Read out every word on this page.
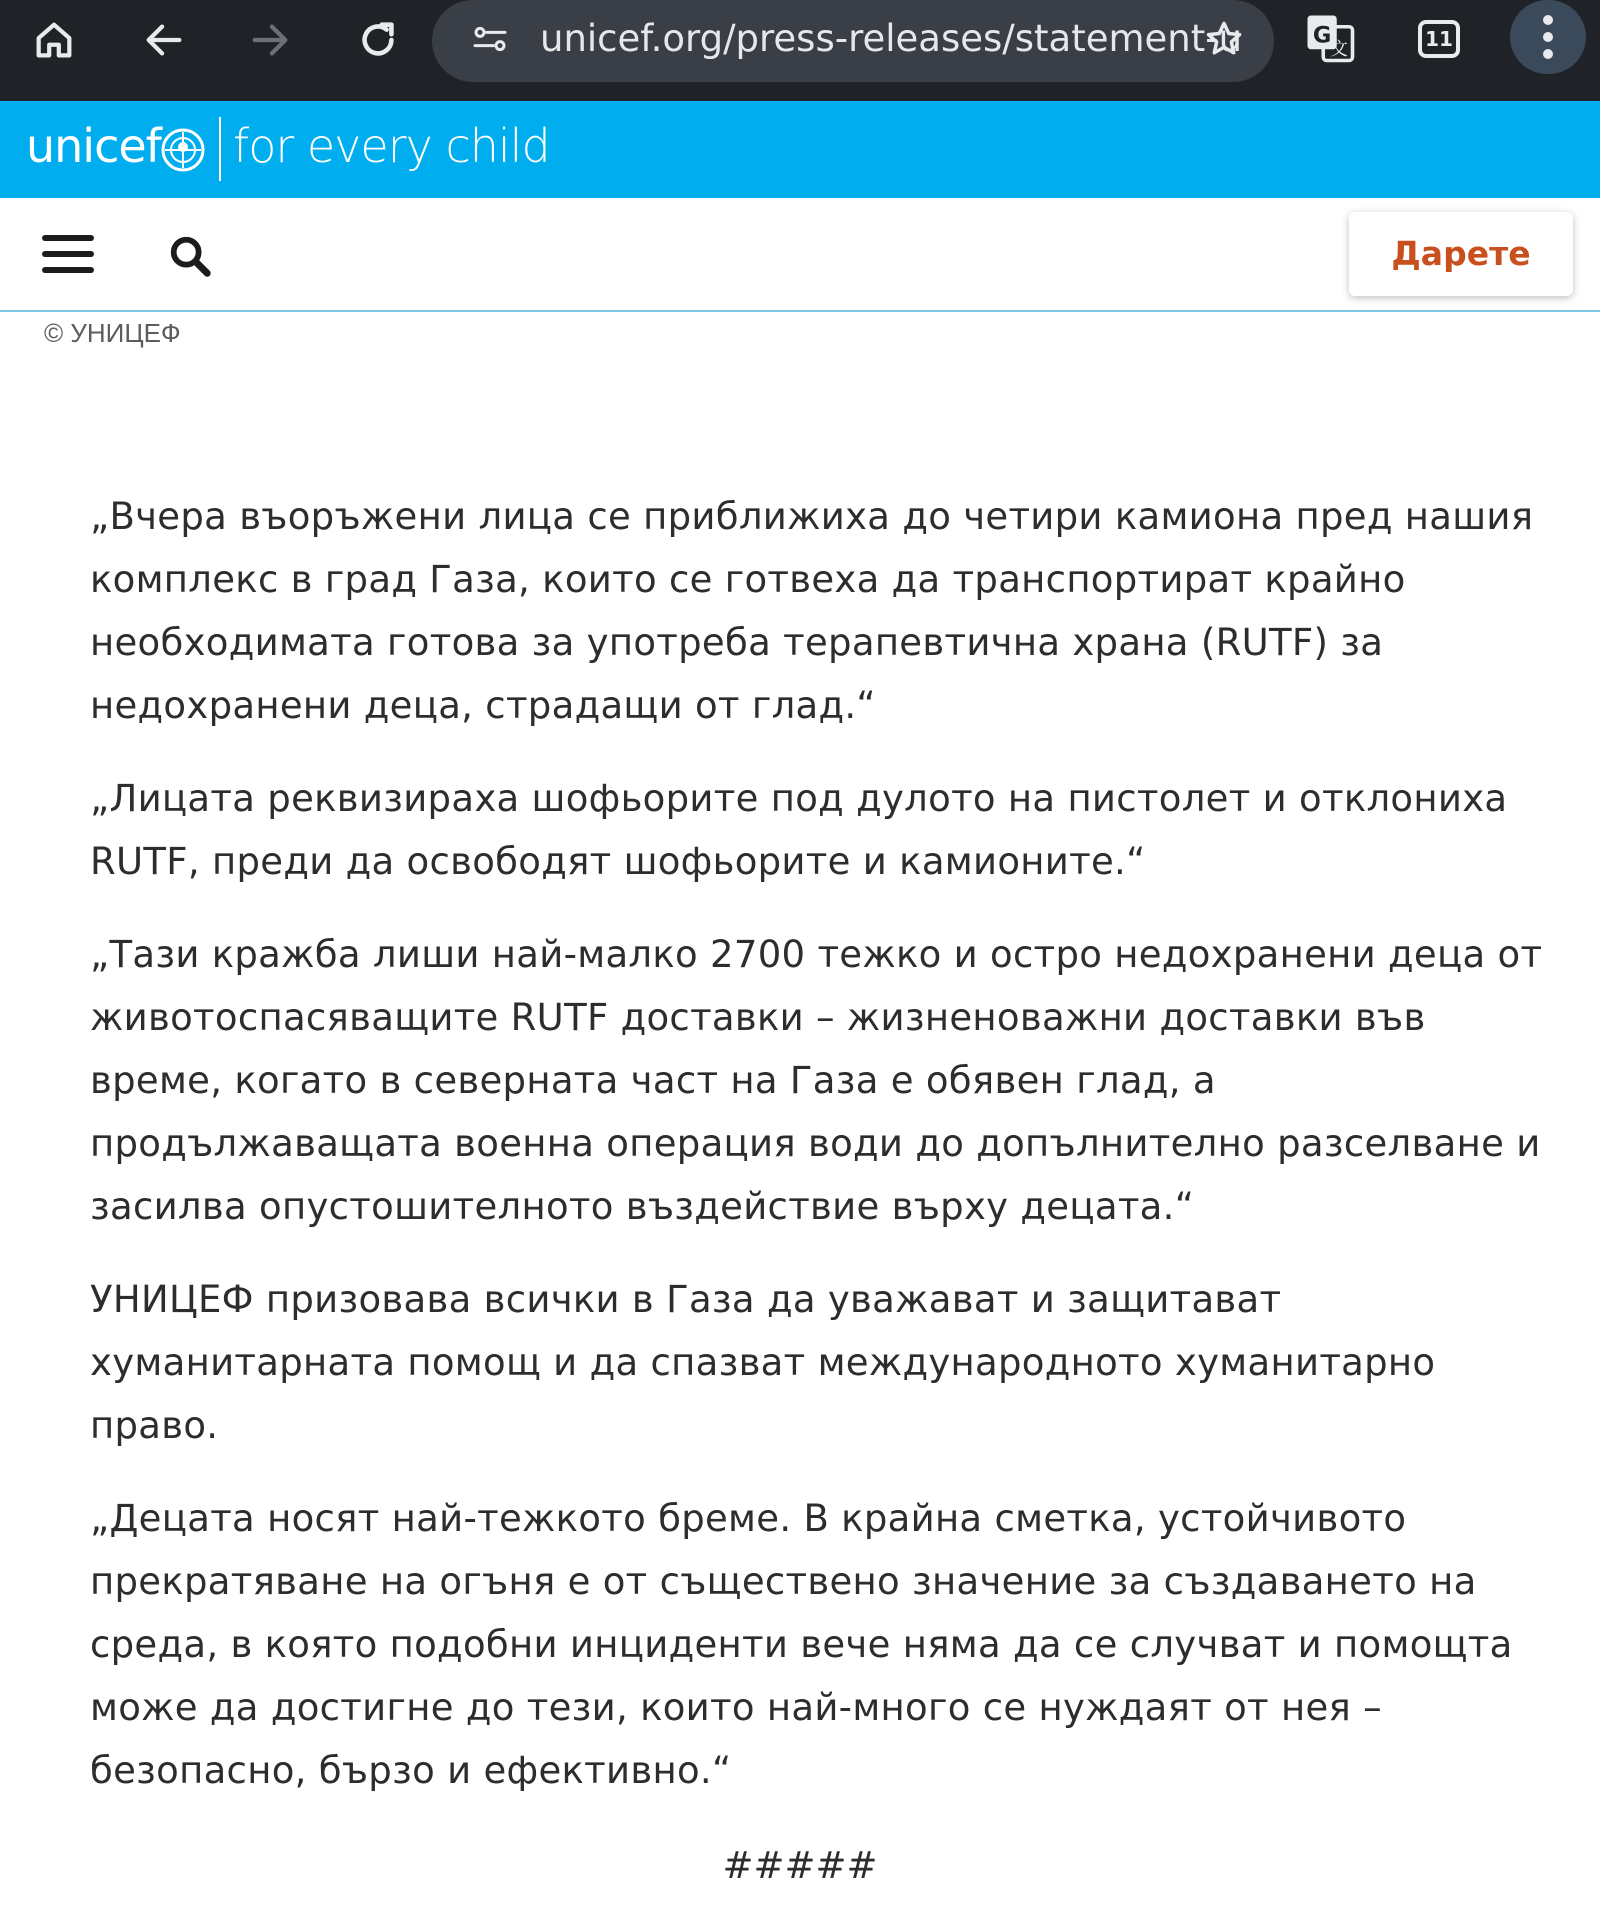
unicef.org/press-releases/statement-u	G
文	11
unicef for every child
Дарете
© УНИЦЕФ

„Вчера въоръжени лица се приближиха до четири камиона пред нашия комплекс в град Газа, които се готвеха да транспортират крайно необходимата готова за употреба терапевтична храна (RUTF) за недохранени деца, страдащи от глад.“

„Лицата реквизираха шофьорите под дулото на пистолет и отклониха RUTF, преди да освободят шофьорите и камионите.“

„Тази кражба лиши най-малко 2700 тежко и остро недохранени деца от животоспасяващите RUTF доставки – жизненоважни доставки във време, когато в северната част на Газа е обявен глад, а продължаващата военна операция води до допълнително разселване и засилва опустошителното въздействие върху децата.“

УНИЦЕФ призовава всички в Газа да уважават и защитават хуманитарната помощ и да спазват международното хуманитарно право.

„Децата носят най-тежкото бреме. В крайна сметка, устойчивото прекратяване на огъня е от съществено значение за създаването на среда, в която подобни инциденти вече няма да се случват и помощта може да достигне до тези, които най-много се нуждаят от нея – безопасно, бързо и ефективно.“

#####
